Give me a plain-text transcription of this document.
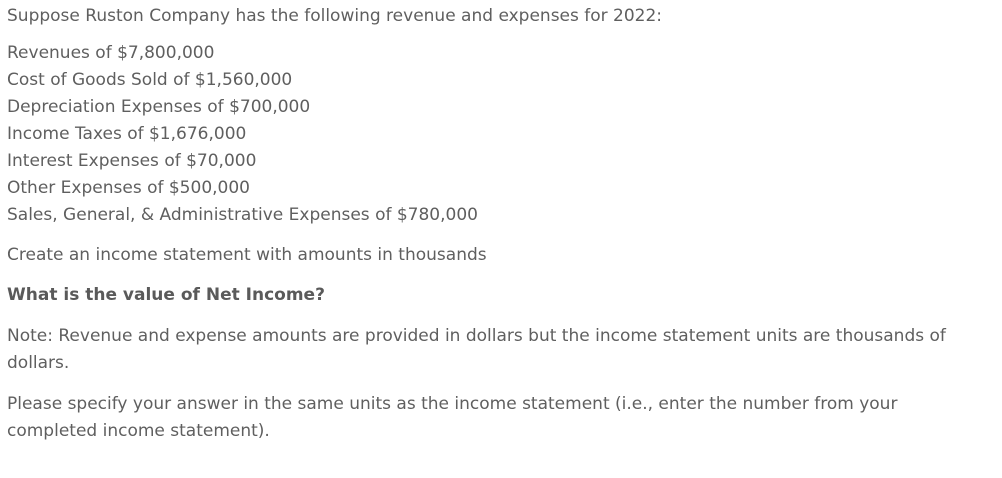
Suppose Ruston Company has the following revenue and expenses for 2022:

Revenues of $7,800,000
Cost of Goods Sold of $1,560,000
Depreciation Expenses of $700,000
Income Taxes of $1,676,000
Interest Expenses of $70,000
Other Expenses of $500,000
Sales, General, & Administrative Expenses of $780,000

Create an income statement with amounts in thousands

What is the value of Net Income?

Note: Revenue and expense amounts are provided in dollars but the income statement units are thousands of dollars.

Please specify your answer in the same units as the income statement (i.e., enter the number from your completed income statement).
